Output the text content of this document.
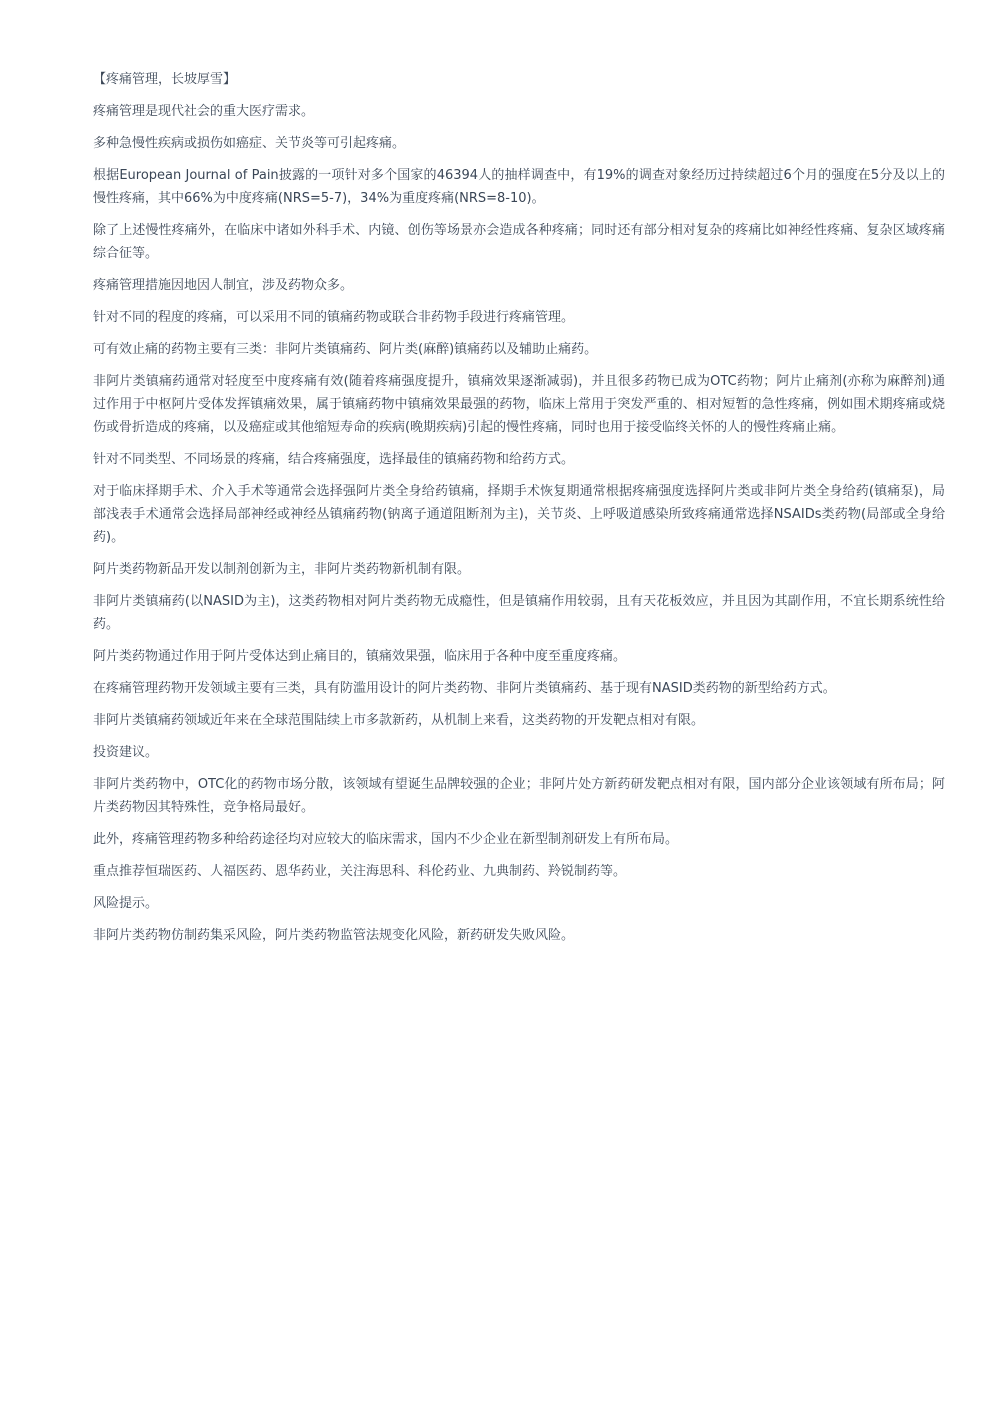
【疼痛管理，长坡厚雪】

疼痛管理是现代社会的重大医疗需求。

多种急慢性疾病或损伤如癌症、关节炎等可引起疼痛。

根据European Journal of Pain披露的一项针对多个国家的46394人的抽样调查中，有19%的调查对象经历过持续超过6个月的强度在5分及以上的慢性疼痛，其中66%为中度疼痛(NRS=5-7)，34%为重度疼痛(NRS=8-10)。

除了上述慢性疼痛外，在临床中诸如外科手术、内镜、创伤等场景亦会造成各种疼痛；同时还有部分相对复杂的疼痛比如神经性疼痛、复杂区域疼痛综合征等。

疼痛管理措施因地因人制宜，涉及药物众多。

针对不同的程度的疼痛，可以采用不同的镇痛药物或联合非药物手段进行疼痛管理。

可有效止痛的药物主要有三类：非阿片类镇痛药、阿片类(麻醉)镇痛药以及辅助止痛药。

非阿片类镇痛药通常对轻度至中度疼痛有效(随着疼痛强度提升，镇痛效果逐渐减弱)，并且很多药物已成为OTC药物；阿片止痛剂(亦称为麻醉剂)通过作用于中枢阿片受体发挥镇痛效果，属于镇痛药物中镇痛效果最强的药物，临床上常用于突发严重的、相对短暂的急性疼痛，例如围术期疼痛或烧伤或骨折造成的疼痛，以及癌症或其他缩短寿命的疾病(晚期疾病)引起的慢性疼痛，同时也用于接受临终关怀的人的慢性疼痛止痛。

针对不同类型、不同场景的疼痛，结合疼痛强度，选择最佳的镇痛药物和给药方式。

对于临床择期手术、介入手术等通常会选择强阿片类全身给药镇痛，择期手术恢复期通常根据疼痛强度选择阿片类或非阿片类全身给药(镇痛泵)，局部浅表手术通常会选择局部神经或神经丛镇痛药物(钠离子通道阻断剂为主)，关节炎、上呼吸道感染所致疼痛通常选择NSAIDs类药物(局部或全身给药)。

阿片类药物新品开发以制剂创新为主，非阿片类药物新机制有限。

非阿片类镇痛药(以NASID为主)，这类药物相对阿片类药物无成瘾性，但是镇痛作用较弱，且有天花板效应，并且因为其副作用，不宜长期系统性给药。

阿片类药物通过作用于阿片受体达到止痛目的，镇痛效果强，临床用于各种中度至重度疼痛。

在疼痛管理药物开发领域主要有三类，具有防滥用设计的阿片类药物、非阿片类镇痛药、基于现有NASID类药物的新型给药方式。

非阿片类镇痛药领域近年来在全球范围陆续上市多款新药，从机制上来看，这类药物的开发靶点相对有限。

投资建议。

非阿片类药物中，OTC化的药物市场分散，该领域有望诞生品牌较强的企业；非阿片处方新药研发靶点相对有限，国内部分企业该领域有所布局；阿片类药物因其特殊性，竞争格局最好。

此外，疼痛管理药物多种给药途径均对应较大的临床需求，国内不少企业在新型制剂研发上有所布局。

重点推荐恒瑞医药、人福医药、恩华药业，关注海思科、科伦药业、九典制药、羚锐制药等。

风险提示。

非阿片类药物仿制药集采风险，阿片类药物监管法规变化风险，新药研发失败风险。
